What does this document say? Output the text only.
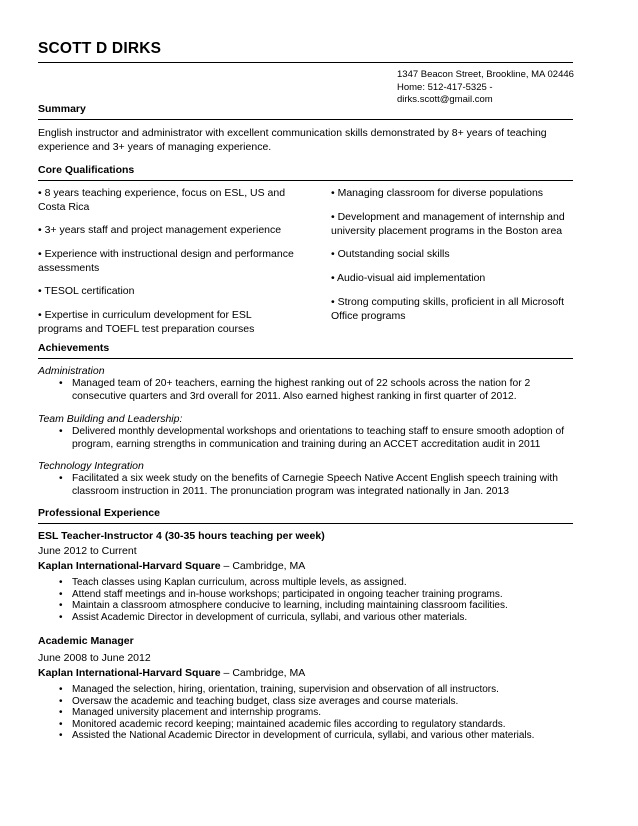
SCOTT D DIRKS
1347 Beacon Street, Brookline, MA 02446
Home: 512-417-5325 -
dirks.scott@gmail.com
Summary
English instructor and administrator with excellent communication skills demonstrated by 8+ years of teaching experience and 3+ years of managing experience.
Core Qualifications
• 8 years teaching experience, focus on ESL, US and Costa Rica
• 3+ years staff and project management experience
• Experience with instructional design and performance assessments
• TESOL certification
• Expertise in curriculum development for ESL programs and TOEFL test preparation courses
• Managing classroom for diverse populations
• Development and management of internship and university placement programs in the Boston area
• Outstanding social skills
• Audio-visual aid implementation
• Strong computing skills, proficient in all Microsoft Office programs
Achievements
Administration
• Managed team of 20+ teachers, earning the highest ranking out of 22 schools across the nation for 2 consecutive quarters and 3rd overall for 2011. Also earned highest ranking in first quarter of 2012.
Team Building and Leadership:
• Delivered monthly developmental workshops and orientations to teaching staff to ensure smooth adoption of program, earning strengths in communication and training during an ACCET accreditation audit in 2011
Technology Integration
• Facilitated a six week study on the benefits of Carnegie Speech Native Accent English speech training with classroom instruction in 2011. The pronunciation program was integrated nationally in Jan. 2013
Professional Experience
ESL Teacher-Instructor 4 (30-35 hours teaching per week)
June 2012 to Current
Kaplan International-Harvard Square – Cambridge, MA
• Teach classes using Kaplan curriculum, across multiple levels, as assigned.
• Attend staff meetings and in-house workshops; participated in ongoing teacher training programs.
• Maintain a classroom atmosphere conducive to learning, including maintaining classroom facilities.
• Assist Academic Director in development of curricula, syllabi, and various other materials.
Academic Manager
June 2008 to June 2012
Kaplan International-Harvard Square – Cambridge, MA
• Managed the selection, hiring, orientation, training, supervision and observation of all instructors.
• Oversaw the academic and teaching budget, class size averages and course materials.
• Managed university placement and internship programs.
• Monitored academic record keeping; maintained academic files according to regulatory standards.
• Assisted the National Academic Director in development of curricula, syllabi, and various other materials.
